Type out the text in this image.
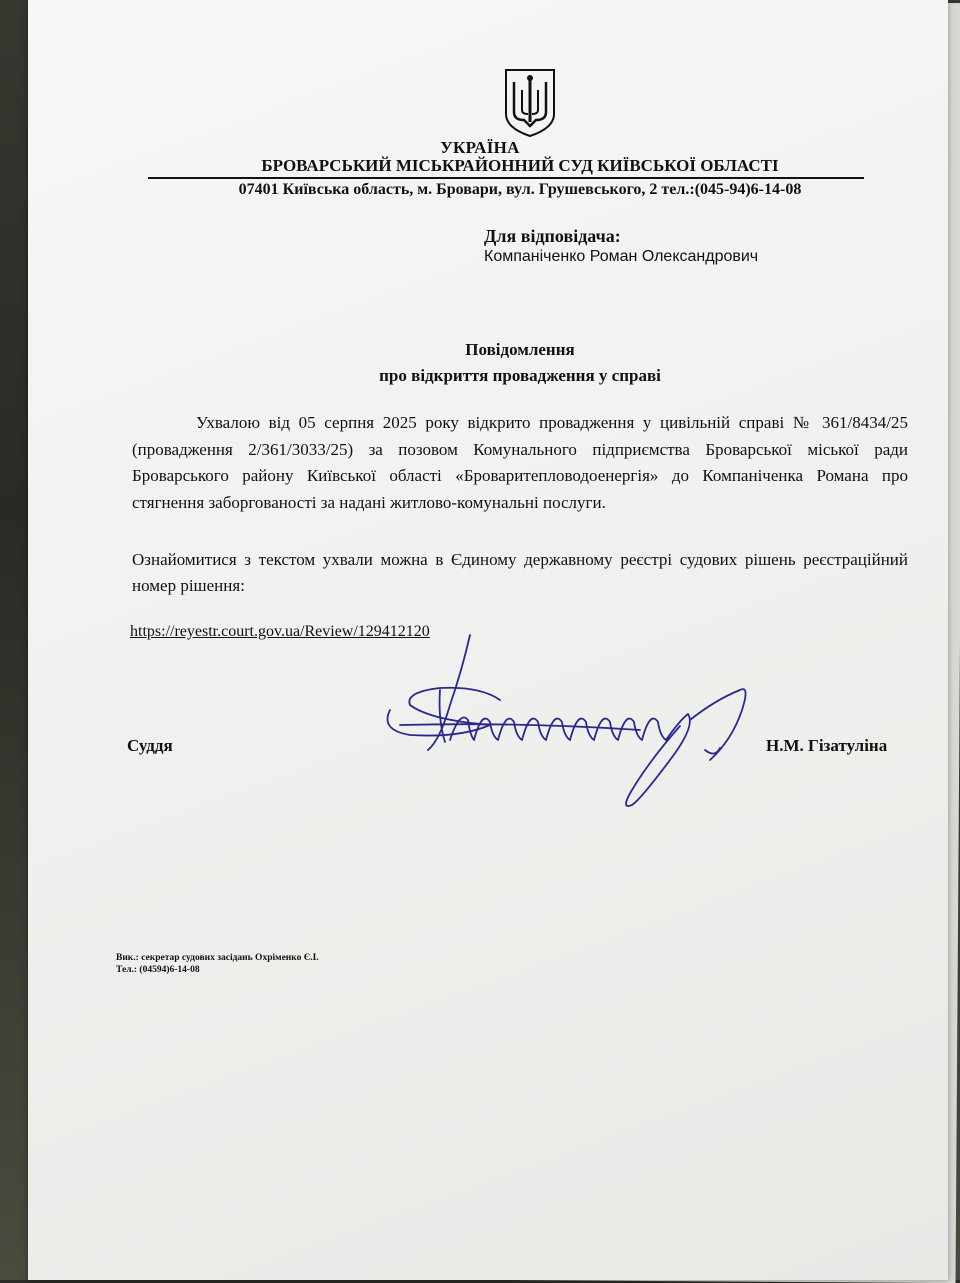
УКРАЇНА
БРОВАРСЬКИЙ МІСЬКРАЙОННИЙ СУД КИЇВСЬКОЇ ОБЛАСТІ
07401 Київська область, м. Бровари, вул. Грушевського, 2 тел.:(045-94)6-14-08
Для відповідача:
Компаніченко Роман Олександрович
Повідомлення
про відкриття провадження у справі
Ухвалою від 05 серпня 2025 року відкрито провадження у цивільній справі № 361/8434/25 (провадження 2/361/3033/25) за позовом Комунального підприємства Броварської міської ради Броварського району Київської області «Броваритепловодоенергія» до Компаніченка Романа про стягнення заборгованості за надані житлово-комунальні послуги.
Ознайомитися з текстом ухвали можна в Єдиному державному реєстрі судових рішень реєстраційний номер рішення:
https://reyestr.court.gov.ua/Review/129412120
Суддя	Н.М. Гізатуліна
Вик.: секретар судових засідань Охріменко Є.І.
Тел.: (04594)6-14-08
